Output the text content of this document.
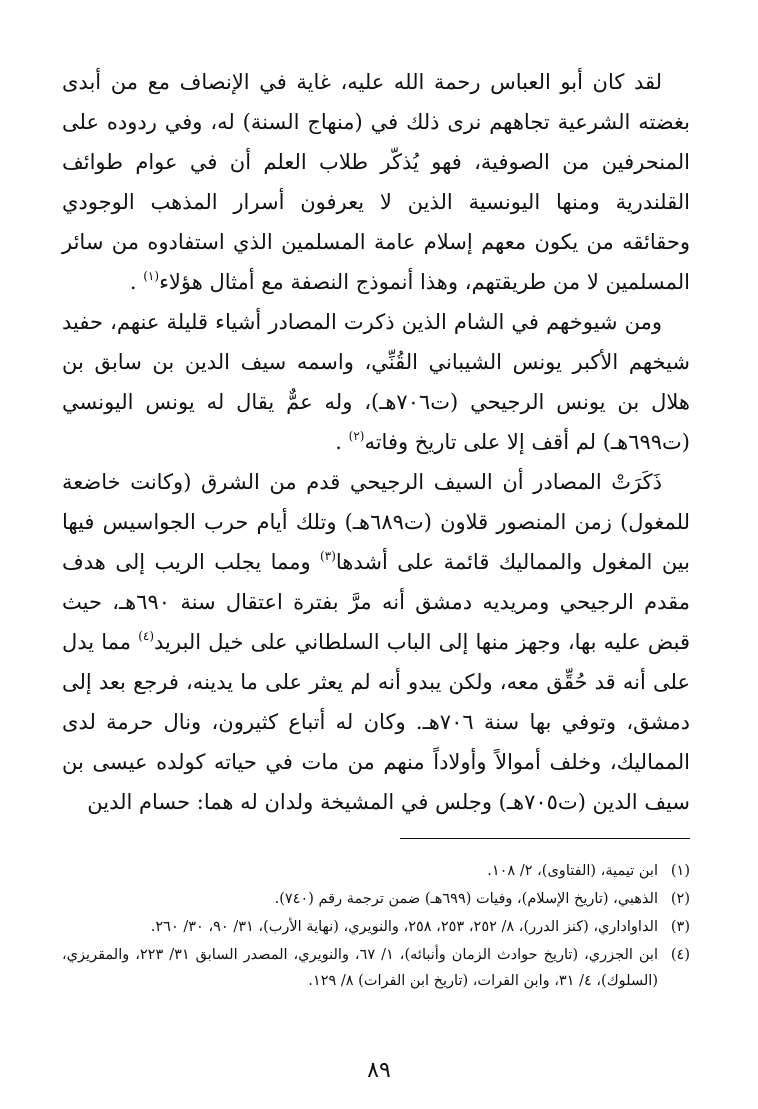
لقد كان أبو العباس رحمة الله عليه، غاية في الإنصاف مع من أبدى بغضته الشرعية تجاههم نرى ذلك في (منهاج السنة) له، وفي ردوده على المنحرفين من الصوفية، فهو يُذكّر طلاب العلم أن في عوام طوائف القلندرية ومنها اليونسية الذين لا يعرفون أسرار المذهب الوجودي وحقائقه من يكون معهم إسلام عامة المسلمين الذي استفادوه من سائر المسلمين لا من طريقتهم، وهذا أنموذج النصفة مع أمثال هؤلاء$^{(١)}$ .

ومن شيوخهم في الشام الذين ذكرت المصادر أشياء قليلة عنهم، حفيد شيخهم الأكبر يونس الشيباني القُنِّي، واسمه سيف الدين بن سابق بن هلال بن يونس الرجيحي (ت٧٠٦هـ)، وله عمٌّ يقال له يونس اليونسي (ت٦٩٩هـ) لم أقف إلا على تاريخ وفاته$^{(٢)}$ .

ذَكَرَتْ المصادر أن السيف الرجيحي قدم من الشرق (وكانت خاضعة للمغول) زمن المنصور قلاون (ت٦٨٩هـ) وتلك أيام حرب الجواسيس فيها بين المغول والمماليك قائمة على أشدها$^{(٣)}$ ومما يجلب الريب إلى هدف مقدم الرجيحي ومريديه دمشق أنه مرَّ بفترة اعتقال سنة ٦٩٠هـ، حيث قبض عليه بها، وجهز منها إلى الباب السلطاني على خيل البريد$^{(٤)}$ مما يدل على أنه قد حُقِّق معه، ولكن يبدو أنه لم يعثر على ما يدينه، فرجع بعد إلى دمشق، وتوفي بها سنة ٧٠٦هـ. وكان له أتباع كثيرون، ونال حرمة لدى المماليك، وخلف أموالاً وأولاداً منهم من مات في حياته كولده عيسى بن سيف الدين (ت٧٠٥هـ) وجلس في المشيخة ولدان له هما: حسام الدين

(١)
ابن تيمية، (الفتاوى)، ٢/ ١٠٨.
(٢)
الذهبي، (تاريخ الإسلام)، وفيات (٦٩٩هـ) ضمن ترجمة رقم (٧٤٠).
(٣)
الداواداري، (كنز الدرر)، ٨/ ٢٥٢، ٢٥٣، ٢٥٨، والنويري، (نهاية الأرب)، ٣١/ ٩٠، ٣٠/ ٢٦٠.
(٤)
ابن الجزري، (تاريخ حوادث الزمان وأنبائه)، ١/ ٦٧، والنويري، المصدر السابق ٣١/ ٢٢٣، والمقريزي، (السلوك)، ٤/ ٣١، وابن الفرات، (تاريخ ابن الفرات) ٨/ ١٢٩.
٨٩
